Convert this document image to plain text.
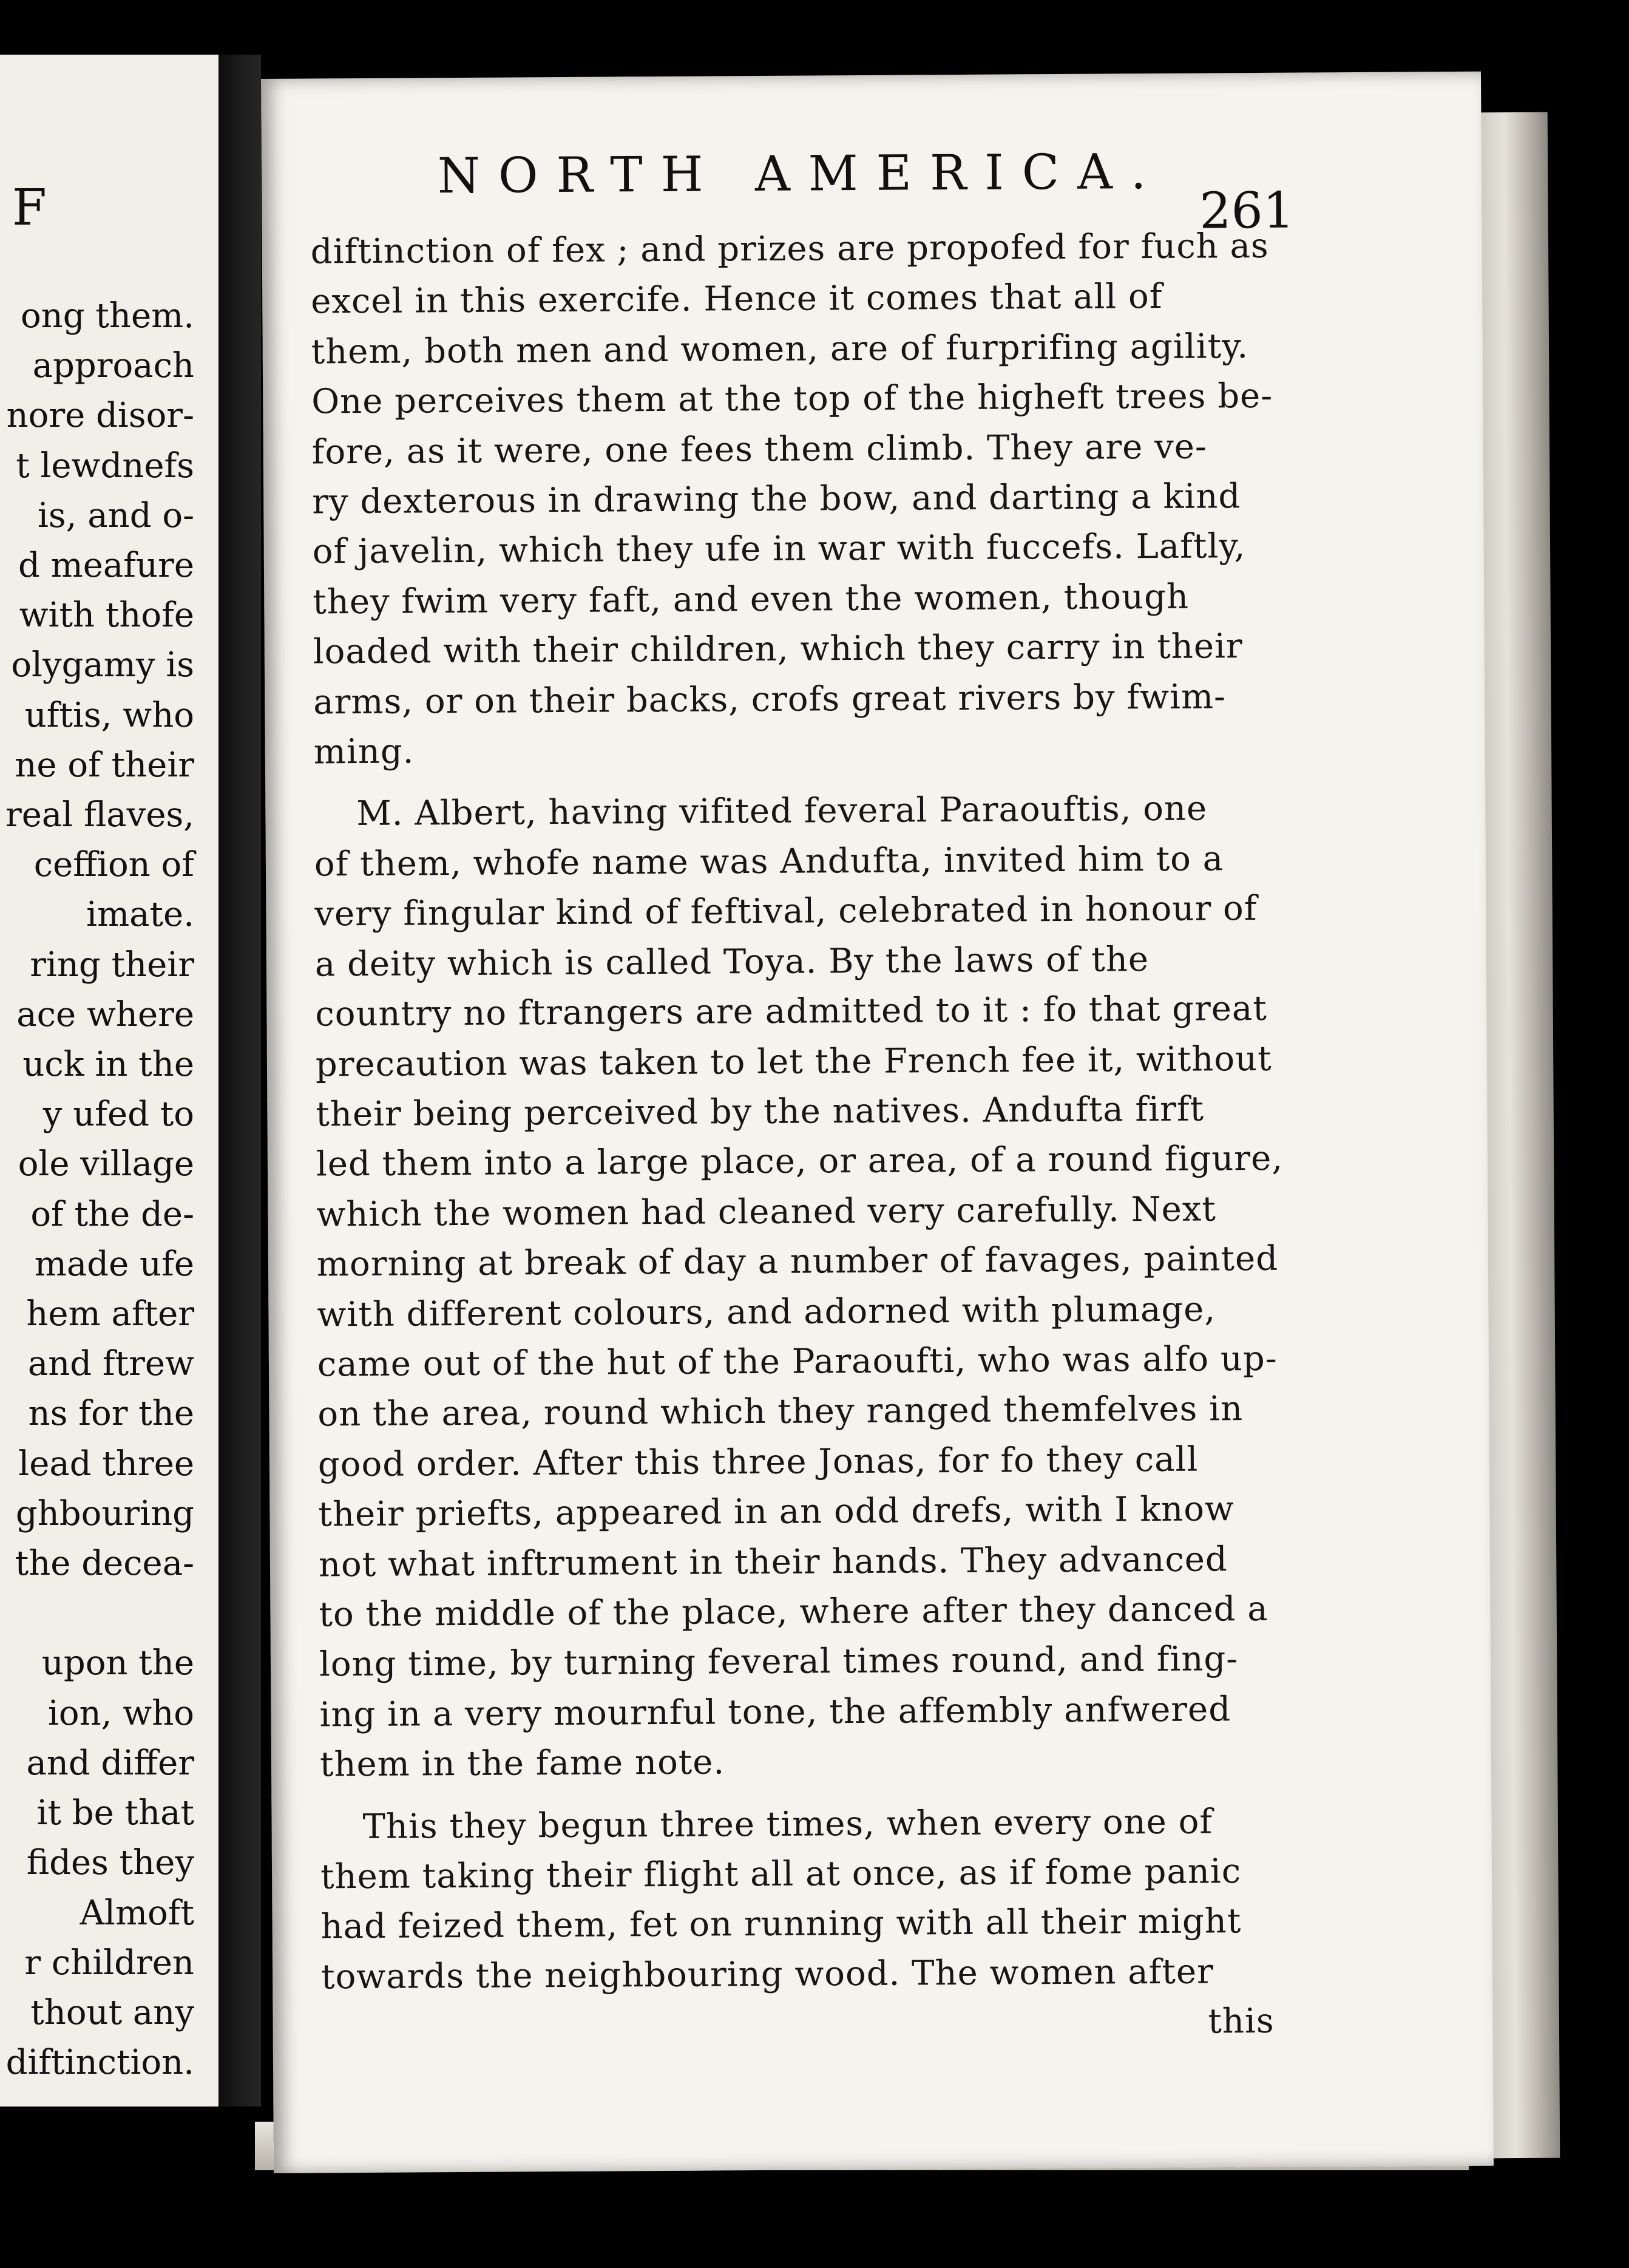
F
ong them.
approach
nore disor-
t lewdnefs
is, and o-
d meafure
with thofe
olygamy is
uftis, who
ne of their
real flaves,
ceffion of
imate.
ring their
ace where
uck in the
y ufed to
ole village
of the de-
made ufe
hem after
and ftrew
ns for the
lead three
ghbouring
the decea-

upon the
ion, who
and differ
it be that
fides they
Almoft
r children
thout any
diftinction.
NORTH AMERICA.
261
diftinction of fex ; and prizes are propofed for fuch as
excel in this exercife. Hence it comes that all of
them, both men and women, are of furprifing agility.
One perceives them at the top of the higheft trees be-
fore, as it were, one fees them climb. They are ve-
ry dexterous in drawing the bow, and darting a kind
of javelin, which they ufe in war with fuccefs. Laftly,
they fwim very faft, and even the women, though
loaded with their children, which they carry in their
arms, or on their backs, crofs great rivers by fwim-
ming.
M. Albert, having vifited feveral Paraouftis, one
of them, whofe name was Andufta, invited him to a
very fingular kind of feftival, celebrated in honour of
a deity which is called Toya. By the laws of the
country no ftrangers are admitted to it : fo that great
precaution was taken to let the French fee it, without
their being perceived by the natives. Andufta firft
led them into a large place, or area, of a round figure,
which the women had cleaned very carefully. Next
morning at break of day a number of favages, painted
with different colours, and adorned with plumage,
came out of the hut of the Paraoufti, who was alfo up-
on the area, round which they ranged themfelves in
good order. After this three Jonas, for fo they call
their priefts, appeared in an odd drefs, with I know
not what inftrument in their hands. They advanced
to the middle of the place, where after they danced a
long time, by turning feveral times round, and fing-
ing in a very mournful tone, the affembly anfwered
them in the fame note.
This they begun three times, when every one of
them taking their flight all at once, as if fome panic
had feized them, fet on running with all their might
towards the neighbouring wood. The women after
this
